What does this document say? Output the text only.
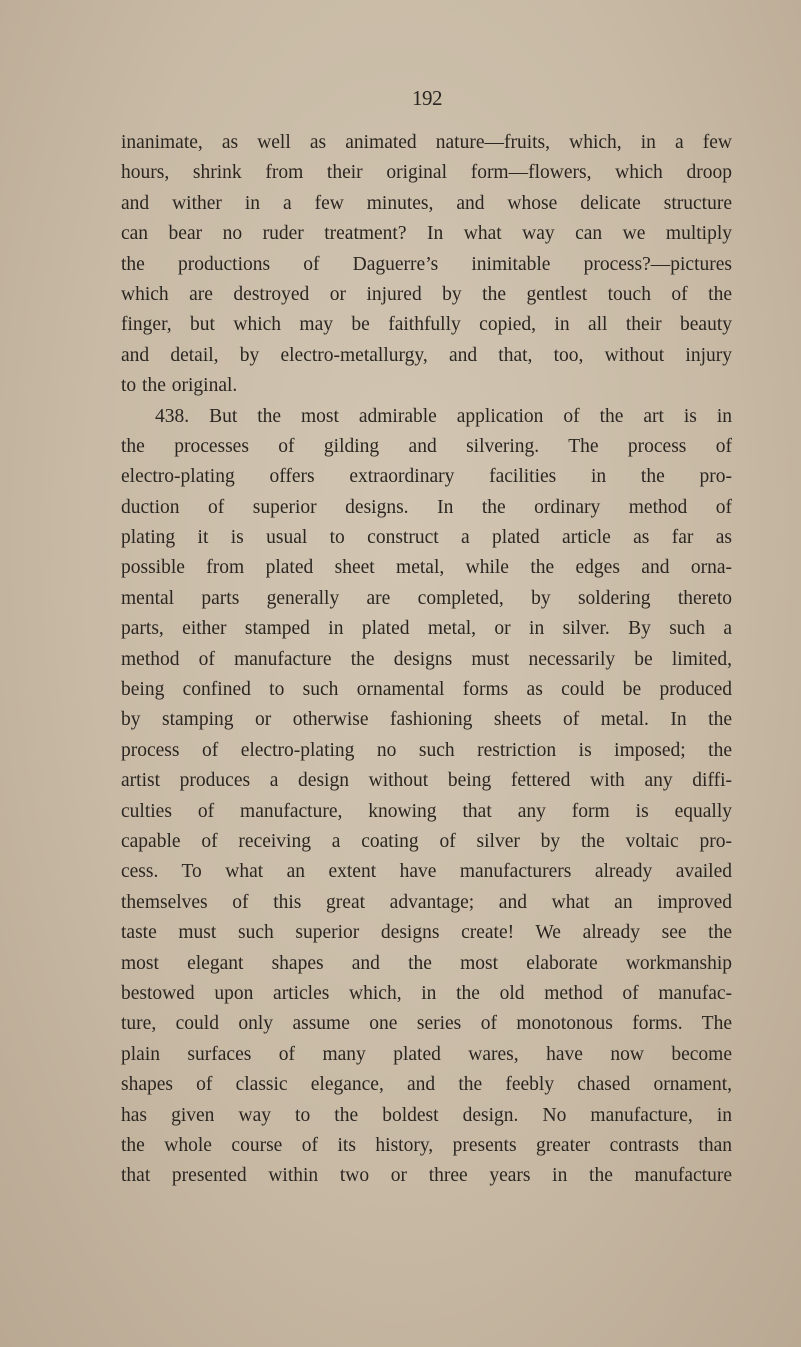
192
inanimate, as well as animated nature—fruits, which, in a few
hours, shrink from their original form—flowers, which droop
and wither in a few minutes, and whose delicate structure
can bear no ruder treatment? In what way can we multiply
the productions of Daguerre’s inimitable process?—pictures
which are destroyed or injured by the gentlest touch of the
finger, but which may be faithfully copied, in all their beauty
and detail, by electro-metallurgy, and that, too, without injury
to the original.
438. But the most admirable application of the art is in
the processes of gilding and silvering. The process of
electro-plating offers extraordinary facilities in the pro-
duction of superior designs. In the ordinary method of
plating it is usual to construct a plated article as far as
possible from plated sheet metal, while the edges and orna-
mental parts generally are completed, by soldering thereto
parts, either stamped in plated metal, or in silver. By such a
method of manufacture the designs must necessarily be limited,
being confined to such ornamental forms as could be produced
by stamping or otherwise fashioning sheets of metal. In the
process of electro-plating no such restriction is imposed; the
artist produces a design without being fettered with any diffi-
culties of manufacture, knowing that any form is equally
capable of receiving a coating of silver by the voltaic pro-
cess. To what an extent have manufacturers already availed
themselves of this great advantage; and what an improved
taste must such superior designs create! We already see the
most elegant shapes and the most elaborate workmanship
bestowed upon articles which, in the old method of manufac-
ture, could only assume one series of monotonous forms. The
plain surfaces of many plated wares, have now become
shapes of classic elegance, and the feebly chased ornament,
has given way to the boldest design. No manufacture, in
the whole course of its history, presents greater contrasts than
that presented within two or three years in the manufacture
